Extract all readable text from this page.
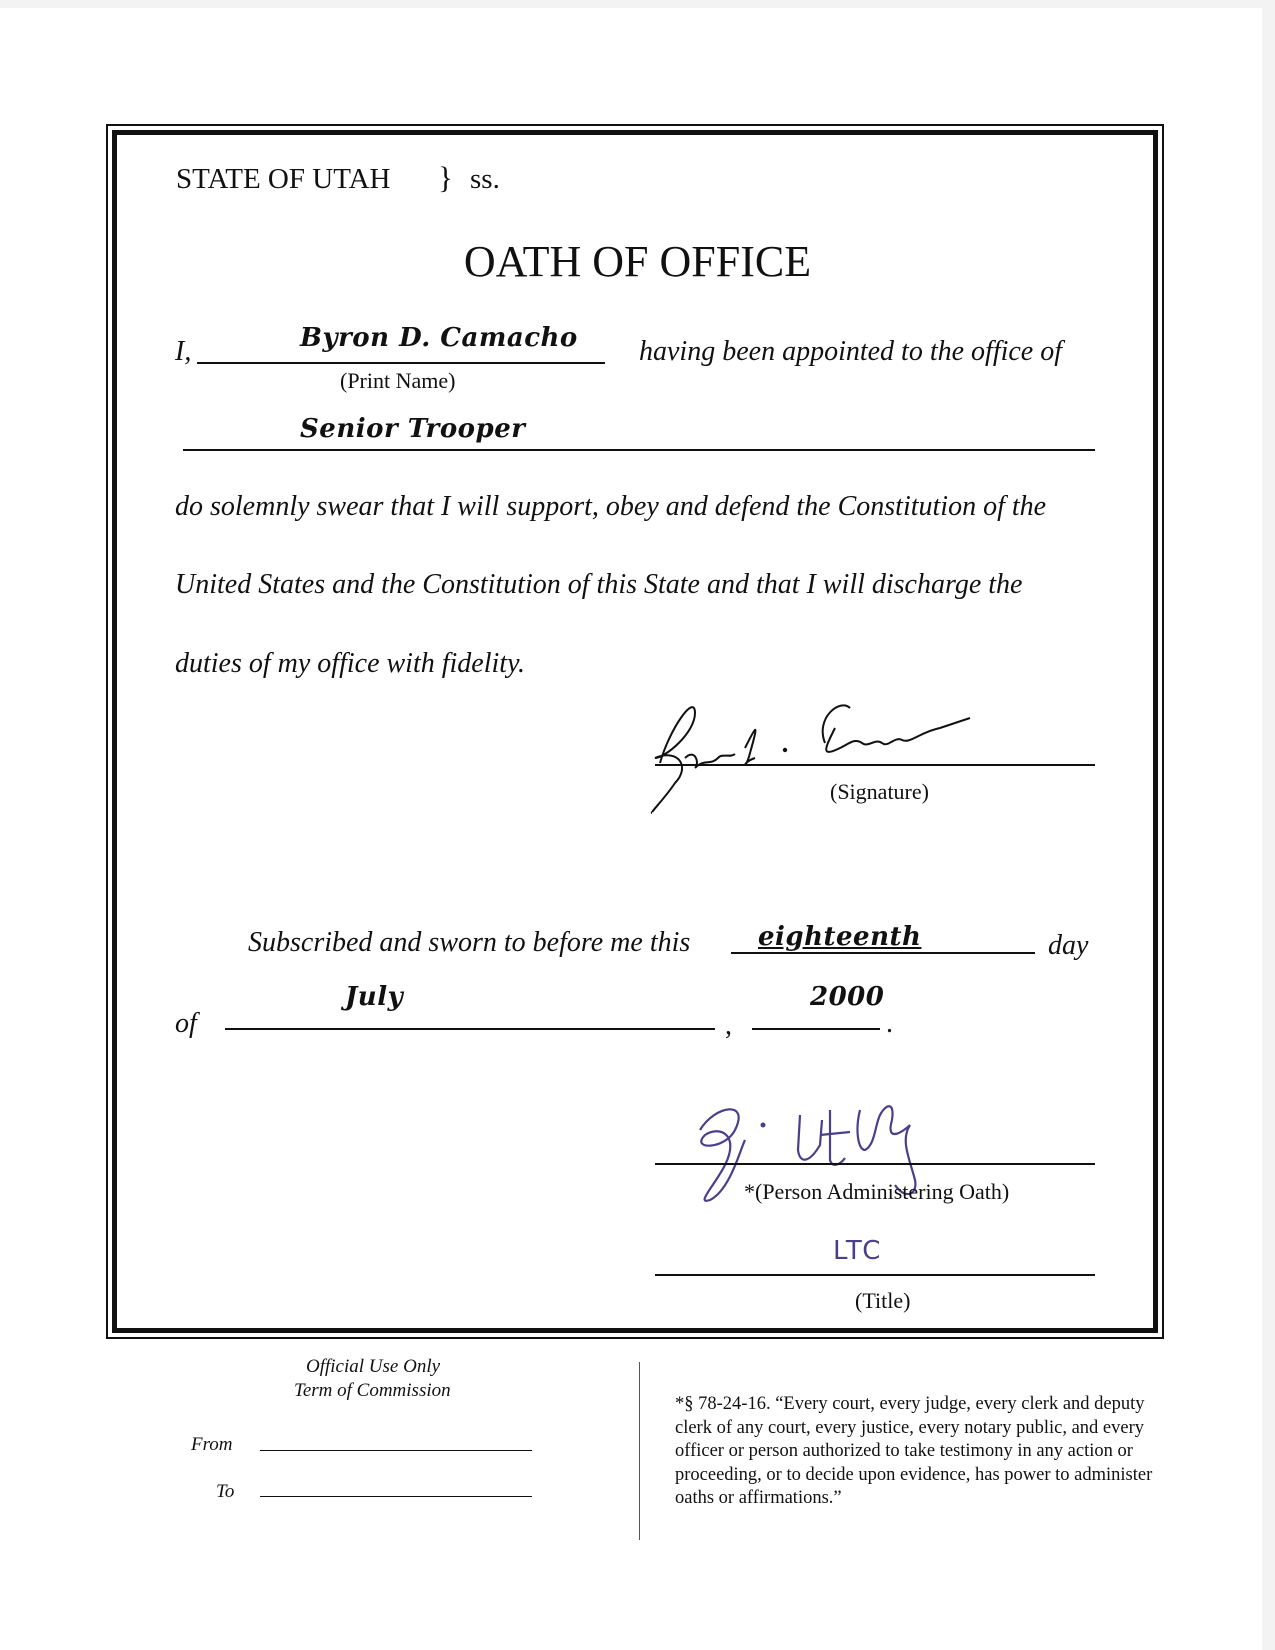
STATE OF UTAH } ss.
OATH OF OFFICE
I,	Byron D. Camacho
(Print Name)
having been appointed to the office of
Senior Trooper
do solemnly swear that I will support, obey and defend the Constitution of the
United States and the Constitution of this State and that I will discharge the
duties of my office with fidelity.
(Signature)
Subscribed and sworn to before me this	eighteenth	day
of
July
,
2000
.
*(Person Administering Oath)
LTC
(Title)
Official Use Only
Term of Commission
From
To
*§ 78-24-16. “Every court, every judge, every clerk and deputy clerk of any court, every justice, every notary public, and every officer or person authorized to take testimony in any action or proceeding, or to decide upon evidence, has power to administer oaths or affirmations.”
